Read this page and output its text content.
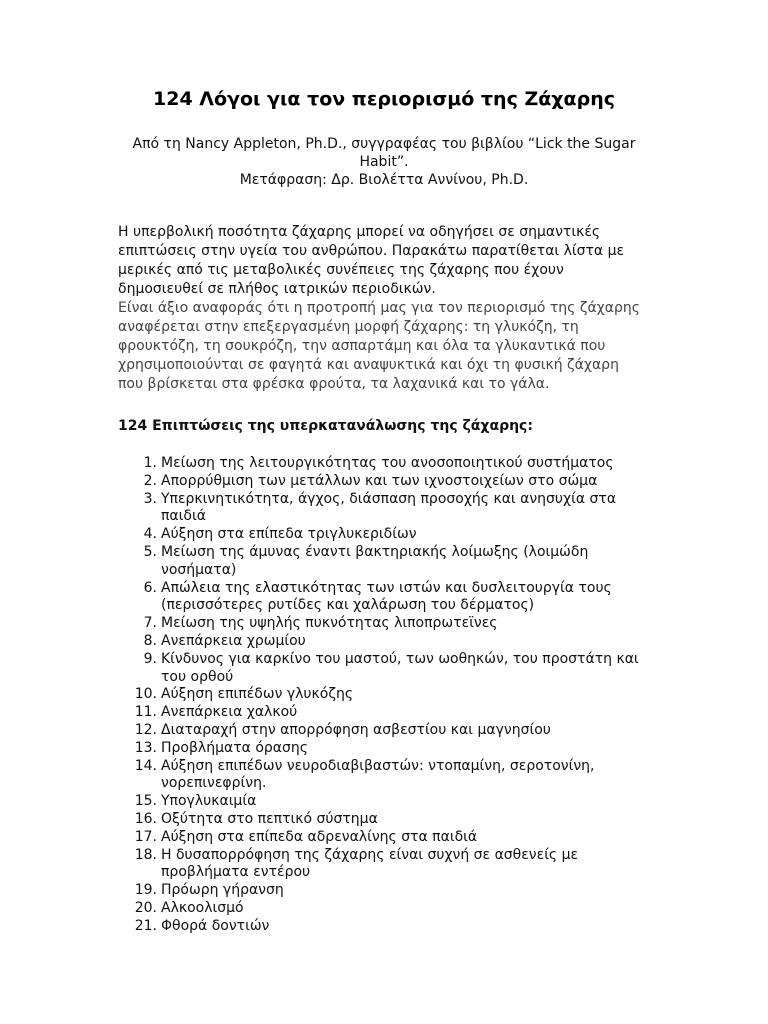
124 Λόγοι για τον περιορισμό της Ζάχαρης
Από τη Nancy Appleton, Ph.D., συγγραφέας του βιβλίου “Lick the Sugar Habit”.
Μετάφραση: Δρ. Βιολέττα Αννίνου, Ph.D.

Η υπερβολική ποσότητα ζάχαρης μπορεί να οδηγήσει σε σημαντικές επιπτώσεις στην υγεία του ανθρώπου. Παρακάτω παρατίθεται λίστα με μερικές από τις μεταβολικές συνέπειες της ζάχαρης που έχουν δημοσιευθεί σε πλήθος ιατρικών περιοδικών.

Είναι άξιο αναφοράς ότι η προτροπή μας για τον περιορισμό της ζάχαρης αναφέρεται στην επεξεργασμένη μορφή ζάχαρης: τη γλυκόζη, τη φρουκτόζη, τη σουκρόζη, την ασπαρτάμη και όλα τα γλυκαντικά που χρησιμοποιούνται σε φαγητά και αναψυκτικά και όχι τη φυσική ζάχαρη που βρίσκεται στα φρέσκα φρούτα, τα λαχανικά και το γάλα.

124 Επιπτώσεις της υπερκατανάλωσης της ζάχαρης:
1. Μείωση της λειτουργικότητας του ανοσοποιητικού συστήματος
2. Απορρύθμιση των μετάλλων και των ιχνοστοιχείων στο σώμα
3. Υπερκινητικότητα, άγχος, διάσπαση προσοχής και ανησυχία στα παιδιά
4. Αύξηση στα επίπεδα τριγλυκεριδίων
5. Μείωση της άμυνας έναντι βακτηριακής λοίμωξης (λοιμώδη νοσήματα)
6. Απώλεια της ελαστικότητας των ιστών και δυσλειτουργία τους (περισσότερες ρυτίδες και χαλάρωση του δέρματος)
7. Μείωση της υψηλής πυκνότητας λιποπρωτεϊνες
8. Ανεπάρκεια χρωμίου
9. Κίνδυνος για καρκίνο του μαστού, των ωοθηκών, του προστάτη και του ορθού
10. Αύξηση επιπέδων γλυκόζης
11. Ανεπάρκεια χαλκού
12. Διαταραχή στην απορρόφηση ασβεστίου και μαγνησίου
13. Προβλήματα όρασης
14. Αύξηση επιπέδων νευροδιαβιβαστών: ντοπαμίνη, σεροτονίνη, νορεπινεφρίνη.
15. Υπογλυκαιμία
16. Οξύτητα στο πεπτικό σύστημα
17. Αύξηση στα επίπεδα αδρεναλίνης στα παιδιά
18. Η δυσαπορρόφηση της ζάχαρης είναι συχνή σε ασθενείς με προβλήματα εντέρου
19. Πρόωρη γήρανση
20. Αλκοολισμό
21. Φθορά δοντιών
